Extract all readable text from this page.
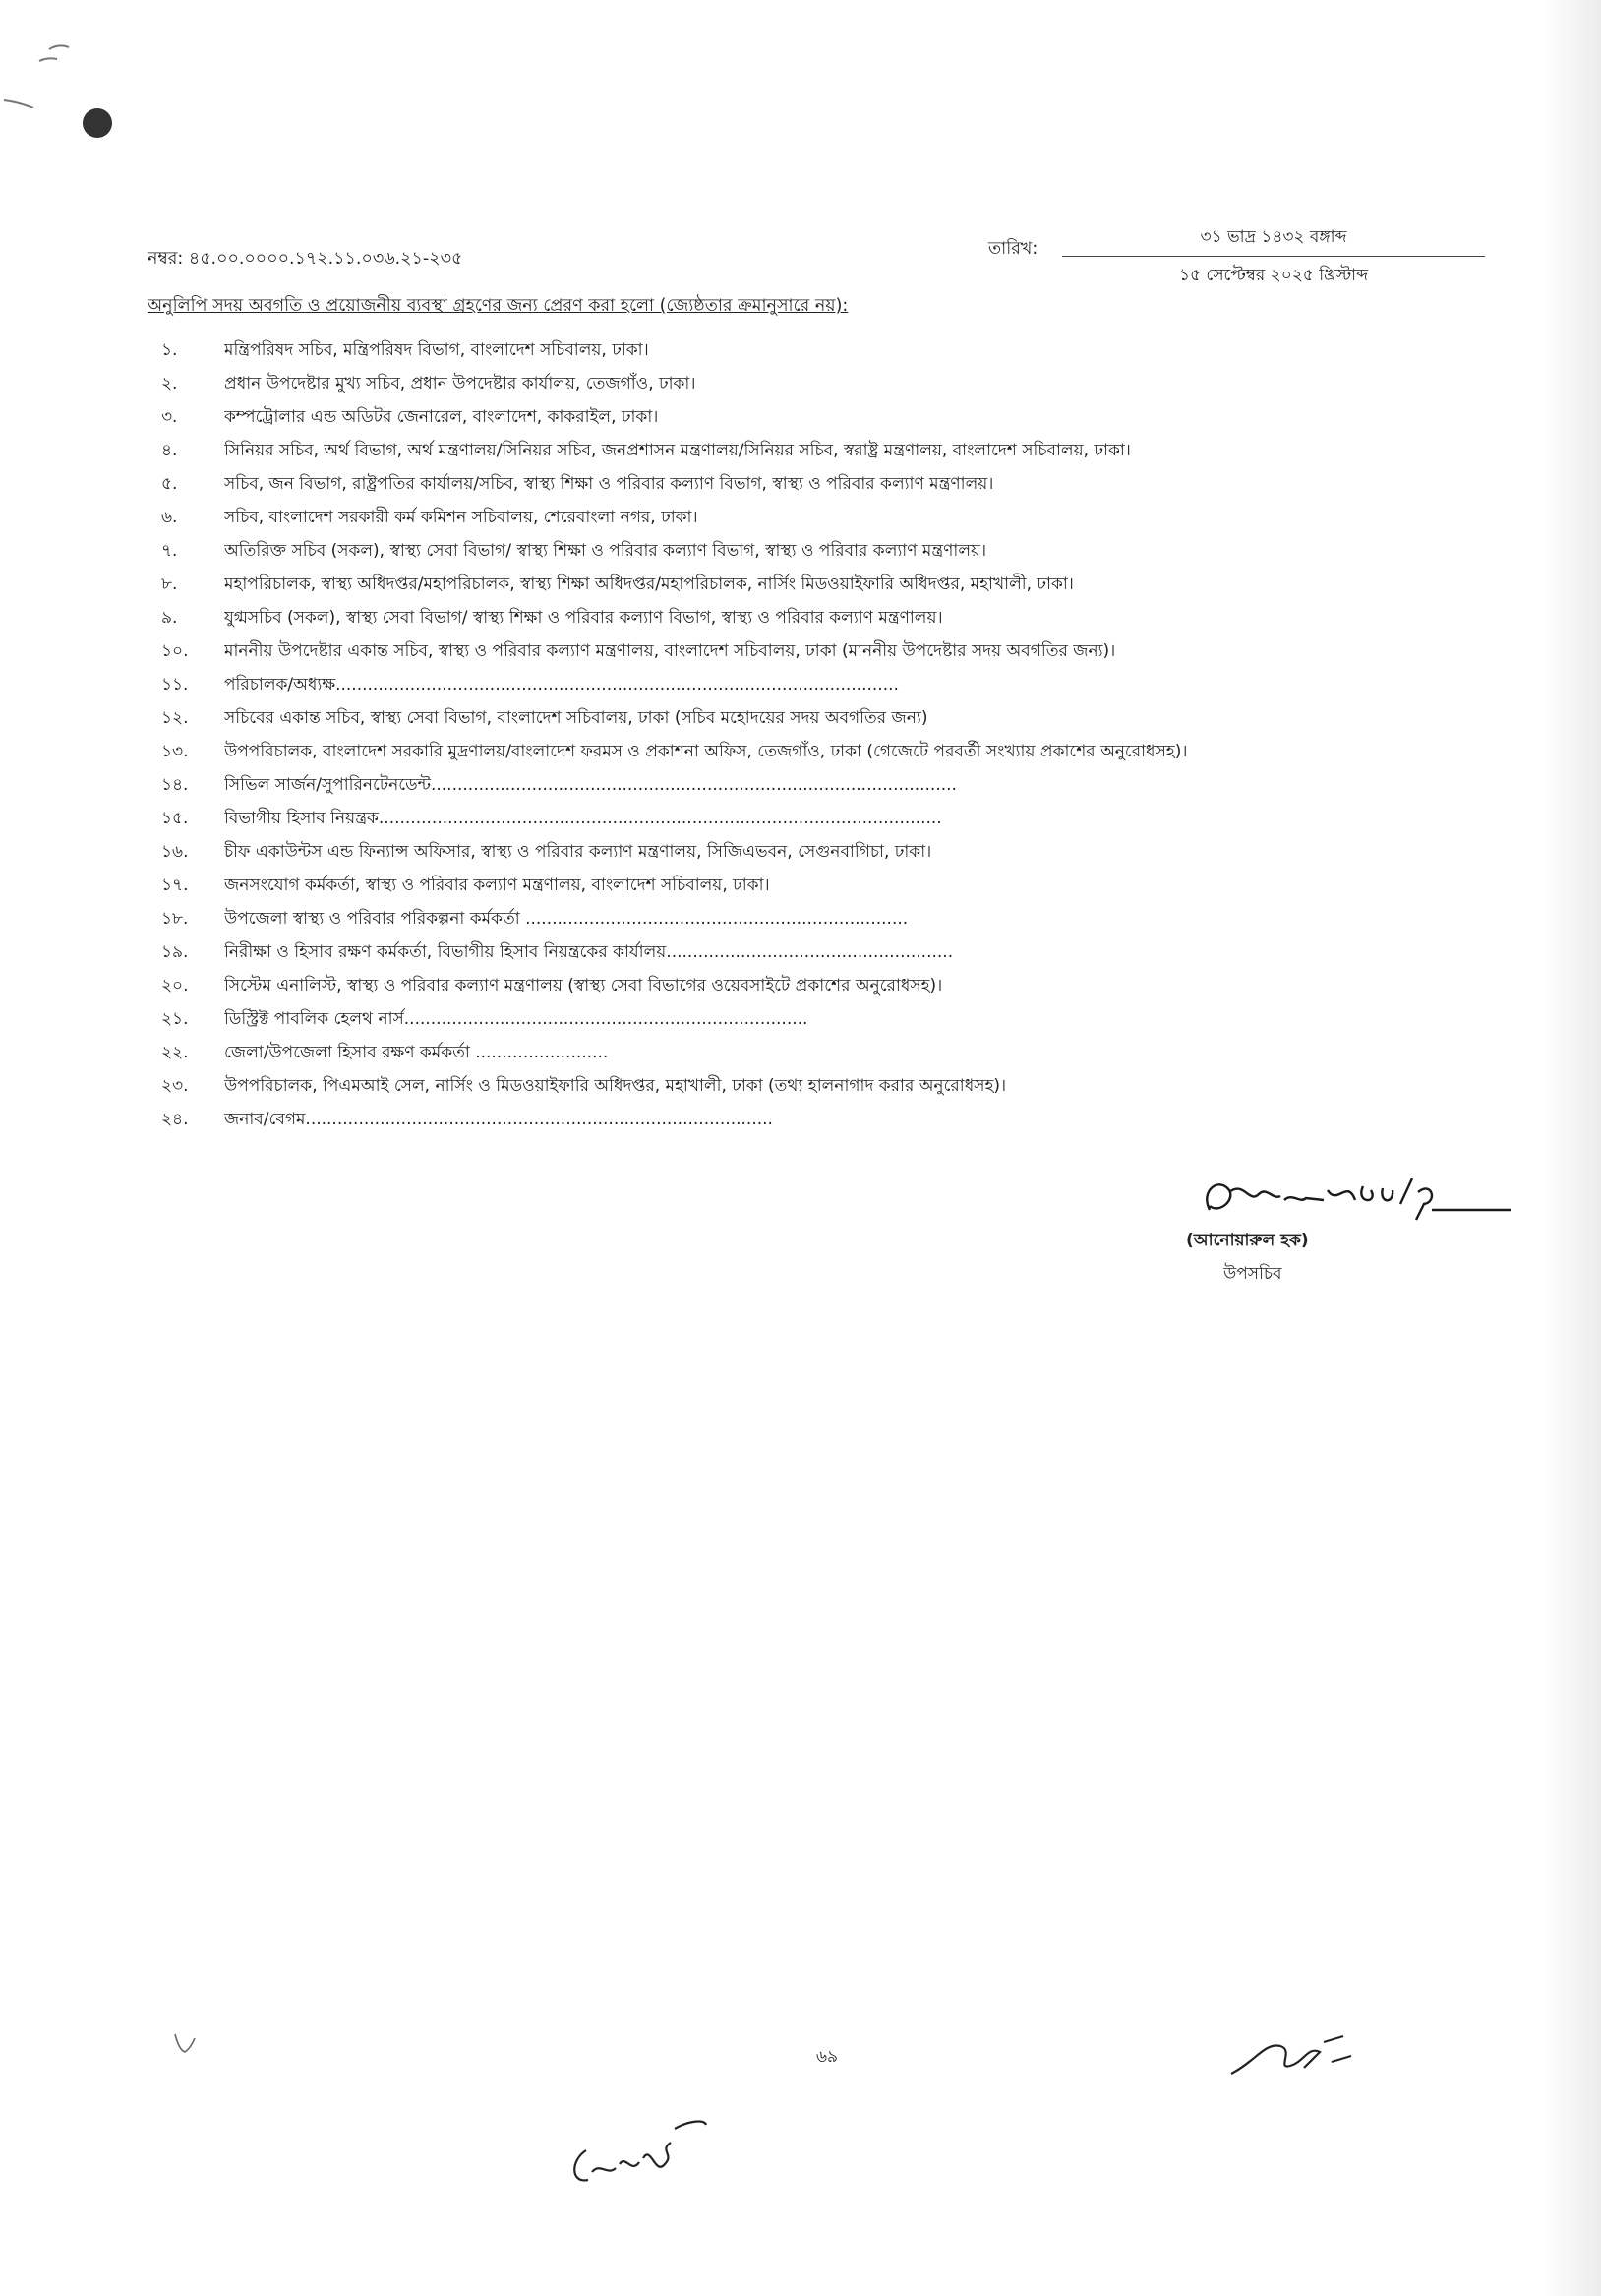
নম্বর: ৪৫.০০.০০০০.১৭২.১১.০৩৬.২১-২৩৫	তারিখ:
৩১ ভাদ্র ১৪৩২ বঙ্গাব্দ
১৫ সেপ্টেম্বর ২০২৫ খ্রিস্টাব্দ
অনুলিপি সদয় অবগতি ও প্রয়োজনীয় ব্যবস্থা গ্রহণের জন্য প্রেরণ করা হলো (জ্যেষ্ঠতার ক্রমানুসারে নয়):
১.	মন্ত্রিপরিষদ সচিব, মন্ত্রিপরিষদ বিভাগ, বাংলাদেশ সচিবালয়, ঢাকা।
২.	প্রধান উপদেষ্টার মুখ্য সচিব, প্রধান উপদেষ্টার কার্যালয়, তেজগাঁও, ঢাকা।
৩.	কম্পট্রোলার এন্ড অডিটর জেনারেল, বাংলাদেশ, কাকরাইল, ঢাকা।
৪.	সিনিয়র সচিব, অর্থ বিভাগ, অর্থ মন্ত্রণালয়/সিনিয়র সচিব, জনপ্রশাসন মন্ত্রণালয়/সিনিয়র সচিব, স্বরাষ্ট্র মন্ত্রণালয়, বাংলাদেশ সচিবালয়, ঢাকা।
৫.	সচিব, জন বিভাগ, রাষ্ট্রপতির কার্যালয়/সচিব, স্বাস্থ্য শিক্ষা ও পরিবার কল্যাণ বিভাগ, স্বাস্থ্য ও পরিবার কল্যাণ মন্ত্রণালয়।
৬.	সচিব, বাংলাদেশ সরকারী কর্ম কমিশন সচিবালয়, শেরেবাংলা নগর, ঢাকা।
৭.	অতিরিক্ত সচিব (সকল), স্বাস্থ্য সেবা বিভাগ/ স্বাস্থ্য শিক্ষা ও পরিবার কল্যাণ বিভাগ, স্বাস্থ্য ও পরিবার কল্যাণ মন্ত্রণালয়।
৮.	মহাপরিচালক, স্বাস্থ্য অধিদপ্তর/মহাপরিচালক, স্বাস্থ্য শিক্ষা অধিদপ্তর/মহাপরিচালক, নার্সিং মিডওয়াইফারি অধিদপ্তর, মহাখালী, ঢাকা।
৯.	যুগ্মসচিব (সকল), স্বাস্থ্য সেবা বিভাগ/ স্বাস্থ্য শিক্ষা ও পরিবার কল্যাণ বিভাগ, স্বাস্থ্য ও পরিবার কল্যাণ মন্ত্রণালয়।
১০.	মাননীয় উপদেষ্টার একান্ত সচিব, স্বাস্থ্য ও পরিবার কল্যাণ মন্ত্রণালয়, বাংলাদেশ সচিবালয়, ঢাকা (মাননীয় উপদেষ্টার সদয় অবগতির জন্য)।
১১.	পরিচালক/অধ্যক্ষ..........................................................................................................
১২.	সচিবের একান্ত সচিব, স্বাস্থ্য সেবা বিভাগ, বাংলাদেশ সচিবালয়, ঢাকা (সচিব মহোদয়ের সদয় অবগতির জন্য)
১৩.	উপপরিচালক, বাংলাদেশ সরকারি মুদ্রণালয়/বাংলাদেশ ফরমস ও প্রকাশনা অফিস, তেজগাঁও, ঢাকা (গেজেটে পরবর্তী সংখ্যায় প্রকাশের অনুরোধসহ)।
১৪.	সিভিল সার্জন/সুপারিনটেনডেন্ট...................................................................................................
১৫.	বিভাগীয় হিসাব নিয়ন্ত্রক..........................................................................................................
১৬.	চীফ একাউন্টস এন্ড ফিন্যান্স অফিসার, স্বাস্থ্য ও পরিবার কল্যাণ মন্ত্রণালয়, সিজিএভবন, সেগুনবাগিচা, ঢাকা।
১৭.	জনসংযোগ কর্মকর্তা, স্বাস্থ্য ও পরিবার কল্যাণ মন্ত্রণালয়, বাংলাদেশ সচিবালয়, ঢাকা।
১৮.	উপজেলা স্বাস্থ্য ও পরিবার পরিকল্পনা কর্মকর্তা ........................................................................
১৯.	নিরীক্ষা ও হিসাব রক্ষণ কর্মকর্তা, বিভাগীয় হিসাব নিয়ন্ত্রকের কার্যালয়......................................................
২০.	সিস্টেম এনালিস্ট, স্বাস্থ্য ও পরিবার কল্যাণ মন্ত্রণালয় (স্বাস্থ্য সেবা বিভাগের ওয়েবসাইটে প্রকাশের অনুরোধসহ)।
২১.	ডিস্ট্রিক্ট পাবলিক হেলথ নার্স............................................................................
২২.	জেলা/উপজেলা হিসাব রক্ষণ কর্মকর্তা .........................
২৩.	উপপরিচালক, পিএমআই সেল, নার্সিং ও মিডওয়াইফারি অধিদপ্তর, মহাখালী, ঢাকা (তথ্য হালনাগাদ করার অনুরোধসহ)।
২৪.	জনাব/বেগম........................................................................................
(আনোয়ারুল হক)
উপসচিব
৬৯
